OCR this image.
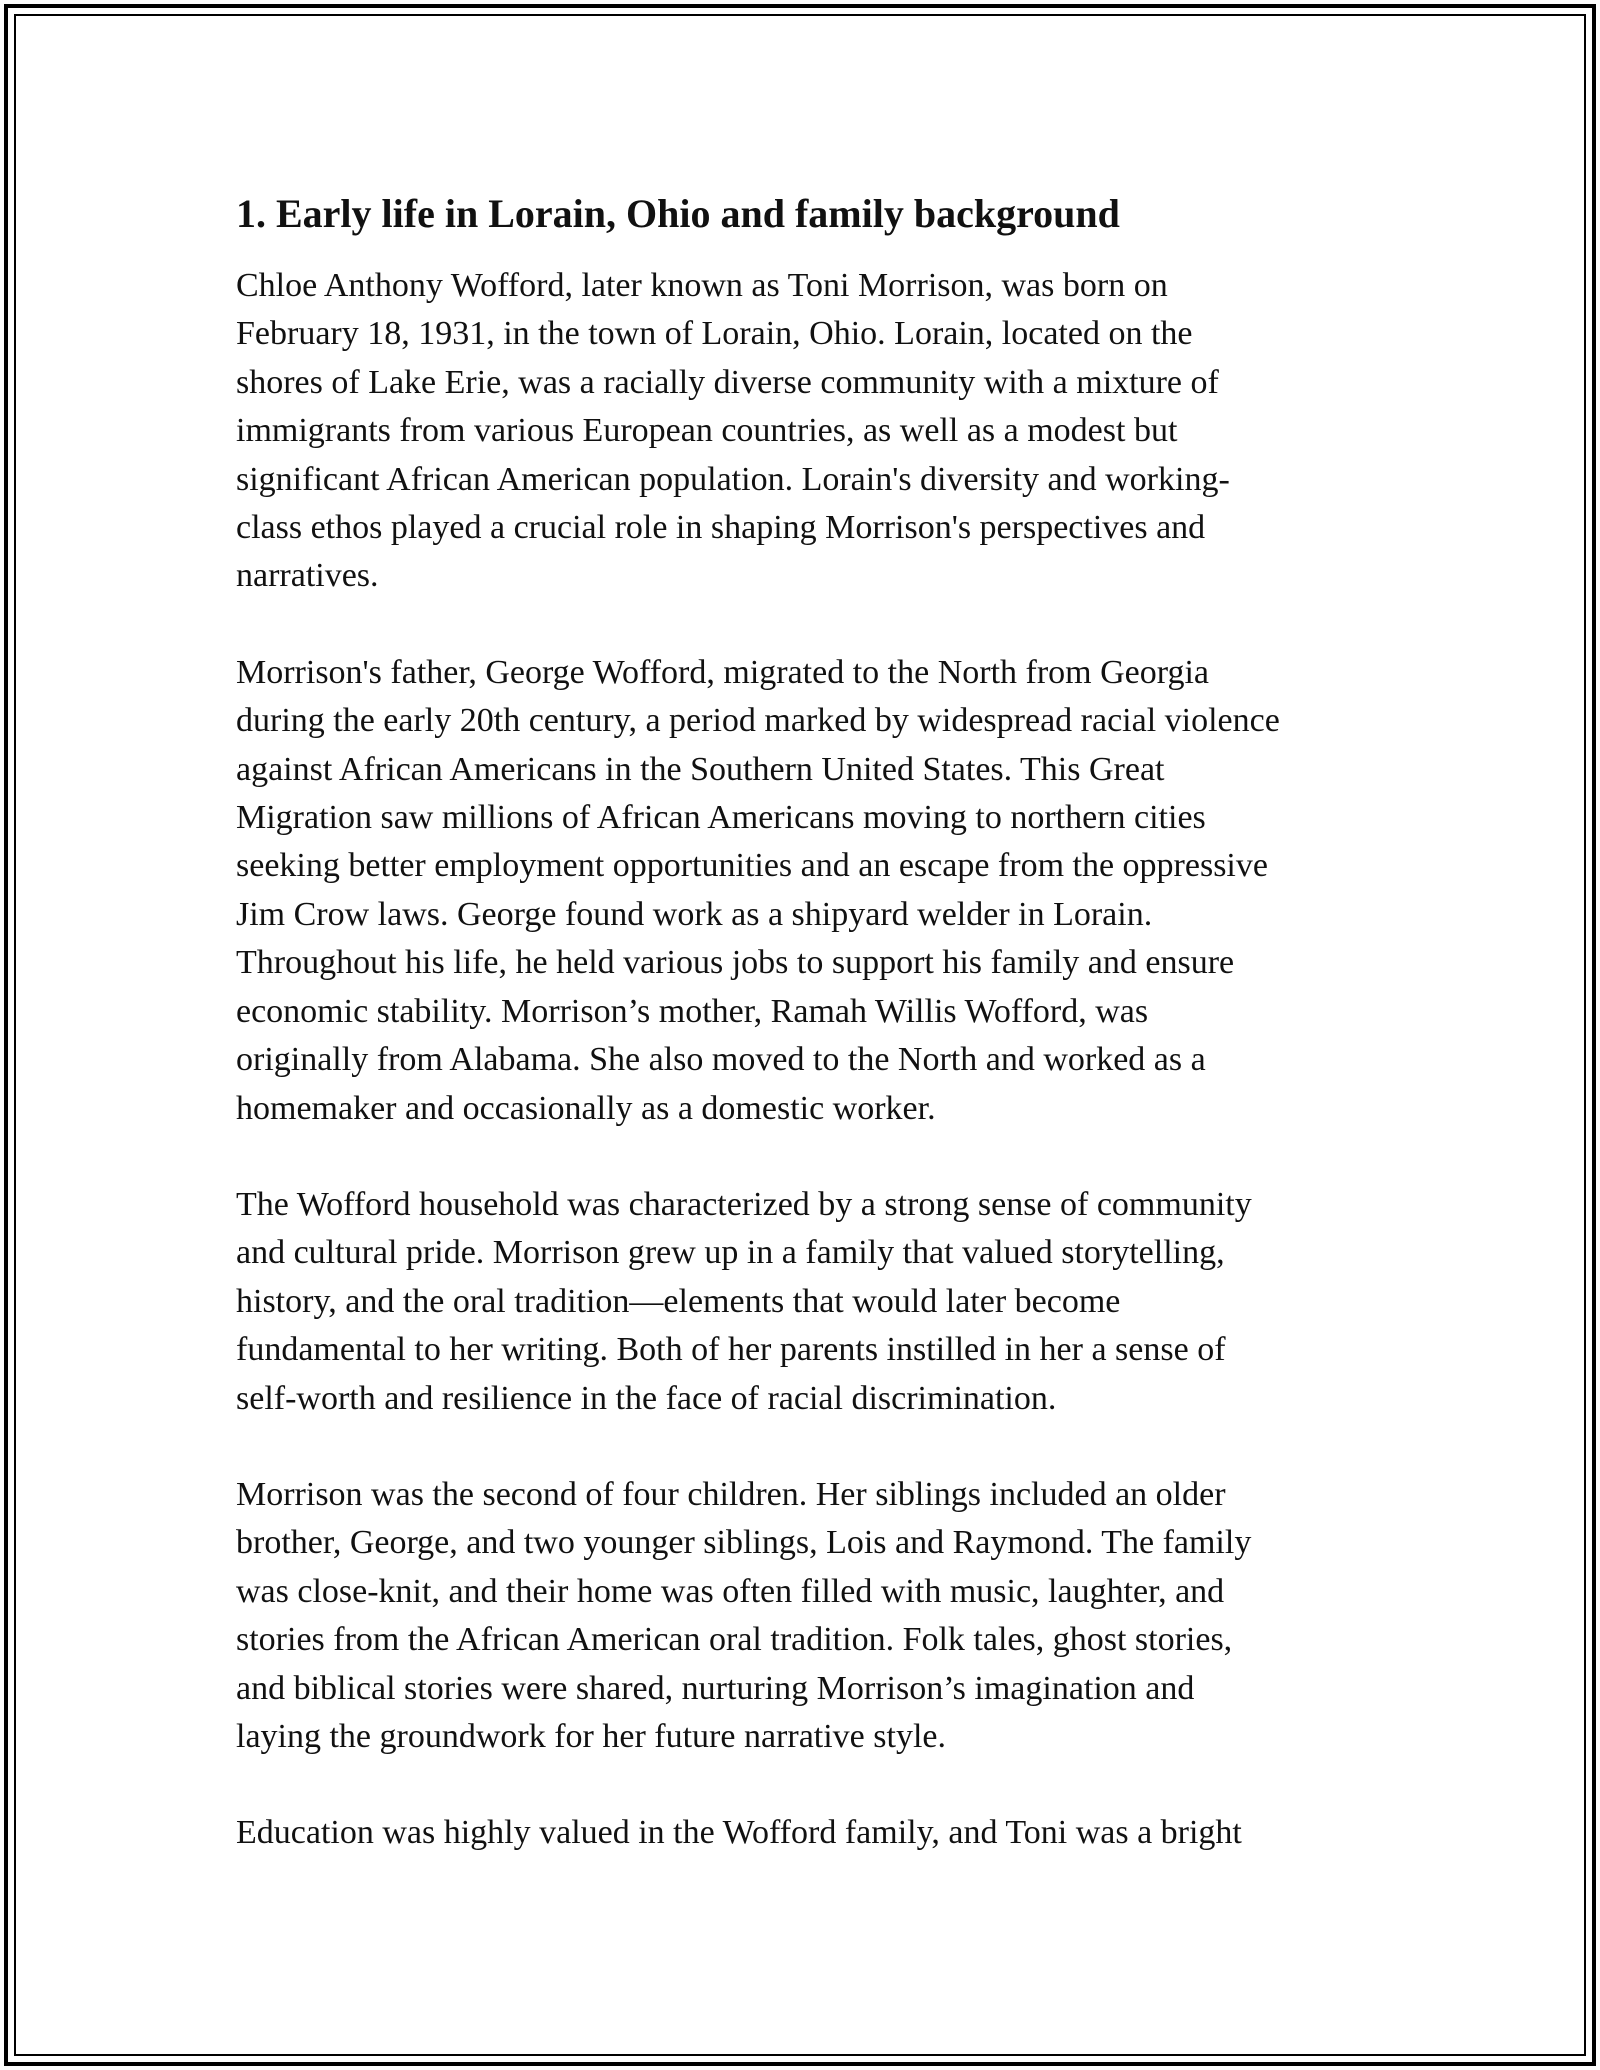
1. Early life in Lorain, Ohio and family background

Chloe Anthony Wofford, later known as Toni Morrison, was born on
February 18, 1931, in the town of Lorain, Ohio. Lorain, located on the
shores of Lake Erie, was a racially diverse community with a mixture of
immigrants from various European countries, as well as a modest but
significant African American population. Lorain's diversity and working-
class ethos played a crucial role in shaping Morrison's perspectives and
narratives.

Morrison's father, George Wofford, migrated to the North from Georgia
during the early 20th century, a period marked by widespread racial violence
against African Americans in the Southern United States. This Great
Migration saw millions of African Americans moving to northern cities
seeking better employment opportunities and an escape from the oppressive
Jim Crow laws. George found work as a shipyard welder in Lorain.
Throughout his life, he held various jobs to support his family and ensure
economic stability. Morrison’s mother, Ramah Willis Wofford, was
originally from Alabama. She also moved to the North and worked as a
homemaker and occasionally as a domestic worker.

The Wofford household was characterized by a strong sense of community
and cultural pride. Morrison grew up in a family that valued storytelling,
history, and the oral tradition—elements that would later become
fundamental to her writing. Both of her parents instilled in her a sense of
self-worth and resilience in the face of racial discrimination.

Morrison was the second of four children. Her siblings included an older
brother, George, and two younger siblings, Lois and Raymond. The family
was close-knit, and their home was often filled with music, laughter, and
stories from the African American oral tradition. Folk tales, ghost stories,
and biblical stories were shared, nurturing Morrison’s imagination and
laying the groundwork for her future narrative style.

Education was highly valued in the Wofford family, and Toni was a bright
